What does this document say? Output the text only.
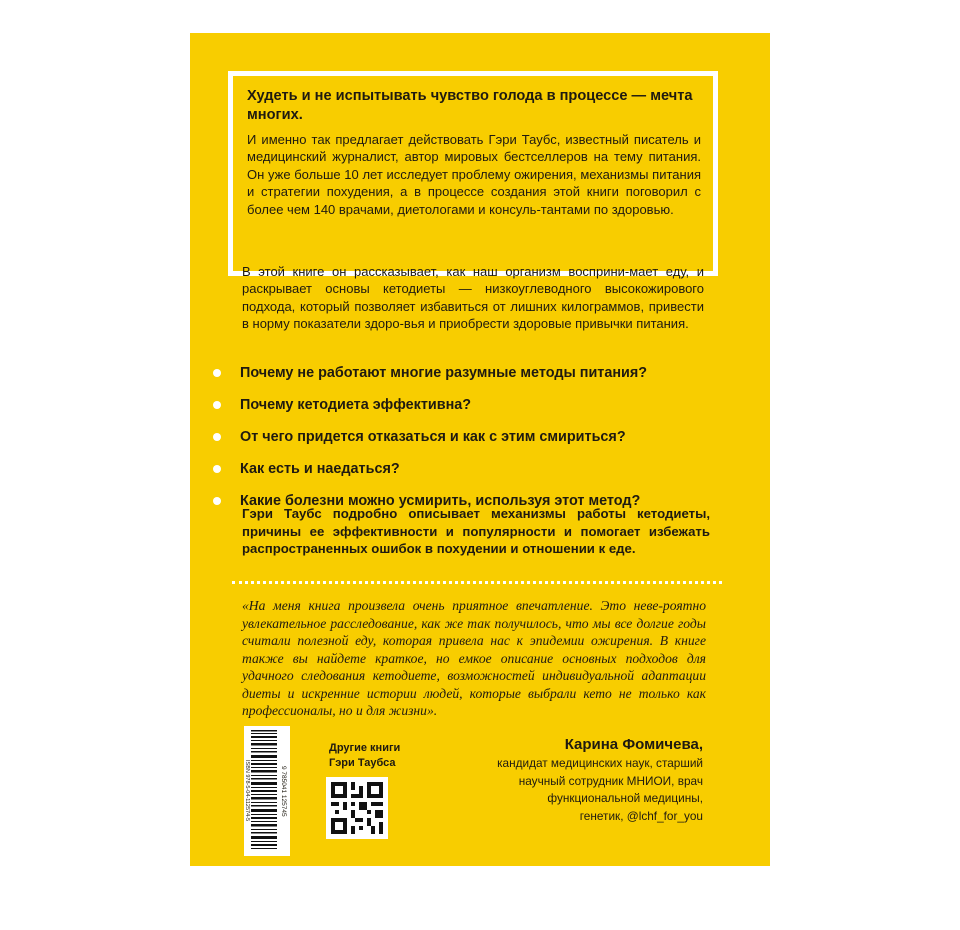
Худеть и не испытывать чувство голода в процессе — мечта многих.

И именно так предлагает действовать Гэри Таубс, известный писатель и медицинский журналист, автор мировых бестселлеров на тему питания. Он уже больше 10 лет исследует проблему ожирения, механизмы питания и стратегии похудения, а в процессе создания этой книги поговорил с более чем 140 врачами, диетологами и консуль-тантами по здоровью.

В этой книге он рассказывает, как наш организм восприни-мает еду, и раскрывает основы кетодиеты — низкоуглеводного высокожирового подхода, который позволяет избавиться от лишних килограммов, привести в норму показатели здоро-вья и приобрести здоровые привычки питания.

Почему не работают многие разумные методы питания?
Почему кетодиета эффективна?
От чего придется отказаться и как с этим смириться?
Как есть и наедаться?
Какие болезни можно усмирить, используя этот метод?

Гэри Таубс подробно описывает механизмы работы кетодиеты, причины ее эффективности и популярности и помогает избежать распространенных ошибок в похудении и отношении к еде.

«На меня книга произвела очень приятное впечатление. Это неве-роятно увлекательное расследование, как же так получилось, что мы все долгие годы считали полезной еду, которая привела нас к эпидемии ожирения. В книге также вы найдете краткое, но емкое описание основных подходов для удачного следования кетодиете, возможностей индивидуальной адаптации диеты и искренние истории людей, которые выбрали кето не только как профессионалы, но и для жизни».

Карина Фомичева,
кандидат медицинских наук, старший
научный сотрудник МНИОИ, врач
функциональной медицины,
генетик, @lchf_for_you
ISBN 978-5-04-112574-5	9 785041 125745
Другие книги
Гэри Таубса
